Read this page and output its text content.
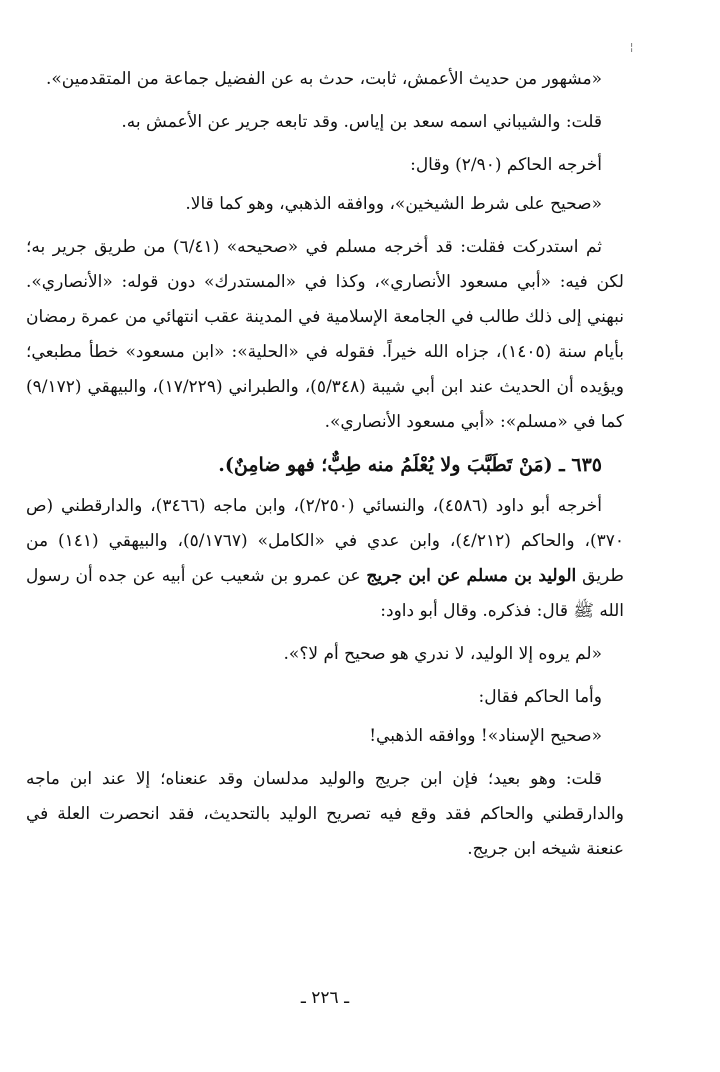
¦

«مشهور من حديث الأعمش، ثابت، حدث به عن الفضيل جماعة من المتقدمين».

قلت: والشيباني اسمه سعد بن إياس. وقد تابعه جرير عن الأعمش به.

أخرجه الحاكم (٢/٩٠) وقال:

«صحيح على شرط الشيخين»، ووافقه الذهبي، وهو كما قالا.

ثم استدركت فقلت: قد أخرجه مسلم في «صحيحه» (٦/٤١) من طريق جرير به؛ لكن فيه: «أبي مسعود الأنصاري»، وكذا في «المستدرك» دون قوله: «الأنصاري». نبهني إلى ذلك طالب في الجامعة الإسلامية في المدينة عقب انتهائي من عمرة رمضان بأيام سنة (١٤٠٥)، جزاه الله خيراً. فقوله في «الحلية»: «ابن مسعود» خطأ مطبعي؛ ويؤيده أن الحديث عند ابن أبي شيبة (٥/٣٤٨)، والطبراني (١٧/٢٢٩)، والبيهقي (٩/١٧٢) كما في «مسلم»: «أبي مسعود الأنصاري».

٦٣٥ ـ (مَنْ تَطَبَّبَ ولا يُعْلَمُ منه طِبٌّ؛ فهو ضامِنٌ).

أخرجه أبو داود (٤٥٨٦)، والنسائي (٢/٢٥٠)، وابن ماجه (٣٤٦٦)، والدارقطني (ص ٣٧٠)، والحاكم (٤/٢١٢)، وابن عدي في «الكامل» (٥/١٧٦٧)، والبيهقي (١٤١) من طريق الوليد بن مسلم عن ابن جريج عن عمرو بن شعيب عن أبيه عن جده أن رسول الله ﷺ قال: فذكره. وقال أبو داود:

«لم يروه إلا الوليد، لا ندري هو صحيح أم لا؟».

وأما الحاكم فقال:

«صحيح الإسناد»! ووافقه الذهبي!

قلت: وهو بعيد؛ فإن ابن جريج والوليد مدلسان وقد عنعناه؛ إلا عند ابن ماجه والدارقطني والحاكم فقد وقع فيه تصريح الوليد بالتحديث، فقد انحصرت العلة في عنعنة شيخه ابن جريج.

ـ ٢٢٦ ـ
